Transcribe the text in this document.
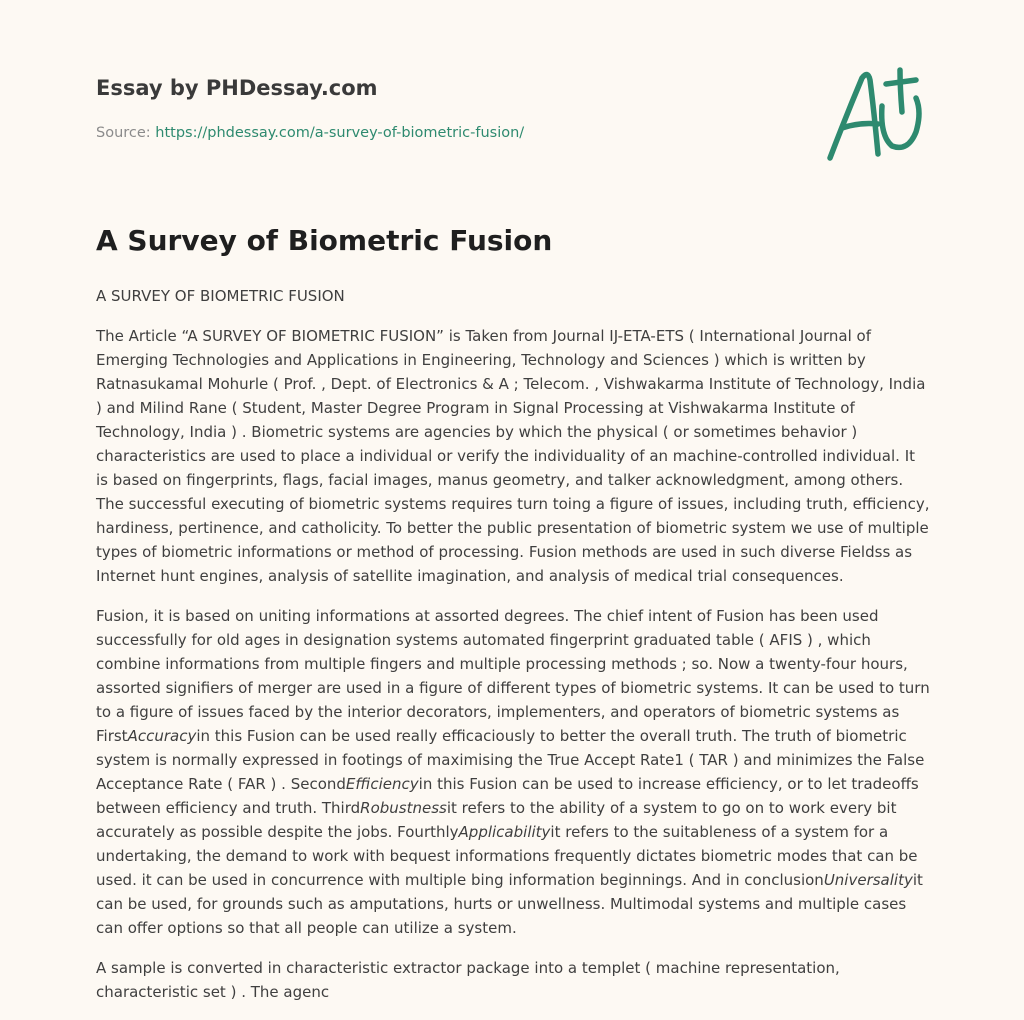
Essay by PHDessay.com
Source: https://phdessay.com/a-survey-of-biometric-fusion/
A Survey of Biometric Fusion

A SURVEY OF BIOMETRIC FUSION

The Article “A SURVEY OF BIOMETRIC FUSION” is Taken from Journal IJ-ETA-ETS ( International Journal of Emerging Technologies and Applications in Engineering, Technology and Sciences ) which is written by Ratnasukamal Mohurle ( Prof. , Dept. of Electronics & A ; Telecom. , Vishwakarma Institute of Technology, India ) and Milind Rane ( Student, Master Degree Program in Signal Processing at Vishwakarma Institute of Technology, India ) . Biometric systems are agencies by which the physical ( or sometimes behavior ) characteristics are used to place a individual or verify the individuality of an machine-controlled individual. It is based on fingerprints, flags, facial images, manus geometry, and talker acknowledgment, among others. The successful executing of biometric systems requires turn toing a figure of issues, including truth, efficiency, hardiness, pertinence, and catholicity. To better the public presentation of biometric system we use of multiple types of biometric informations or method of processing. Fusion methods are used in such diverse Fieldss as Internet hunt engines, analysis of satellite imagination, and analysis of medical trial consequences.

Fusion, it is based on uniting informations at assorted degrees. The chief intent of Fusion has been used successfully for old ages in designation systems automated fingerprint graduated table ( AFIS ) , which combine informations from multiple fingers and multiple processing methods ; so. Now a twenty-four hours, assorted signifiers of merger are used in a figure of different types of biometric systems. It can be used to turn to a figure of issues faced by the interior decorators, implementers, and operators of biometric systems as FirstAccuracyin this Fusion can be used really efficaciously to better the overall truth. The truth of biometric system is normally expressed in footings of maximising the True Accept Rate1 ( TAR ) and minimizes the False Acceptance Rate ( FAR ) . SecondEfficiencyin this Fusion can be used to increase efficiency, or to let tradeoffs between efficiency and truth. ThirdRobustnessit refers to the ability of a system to go on to work every bit accurately as possible despite the jobs. FourthlyApplicabilityit refers to the suitableness of a system for a undertaking, the demand to work with bequest informations frequently dictates biometric modes that can be used. it can be used in concurrence with multiple bing information beginnings. And in conclusionUniversalityit can be used, for grounds such as amputations, hurts or unwellness. Multimodal systems and multiple cases can offer options so that all people can utilize a system.

A sample is converted in characteristic extractor package into a templet ( machine representation, characteristic set ) . The agenc
